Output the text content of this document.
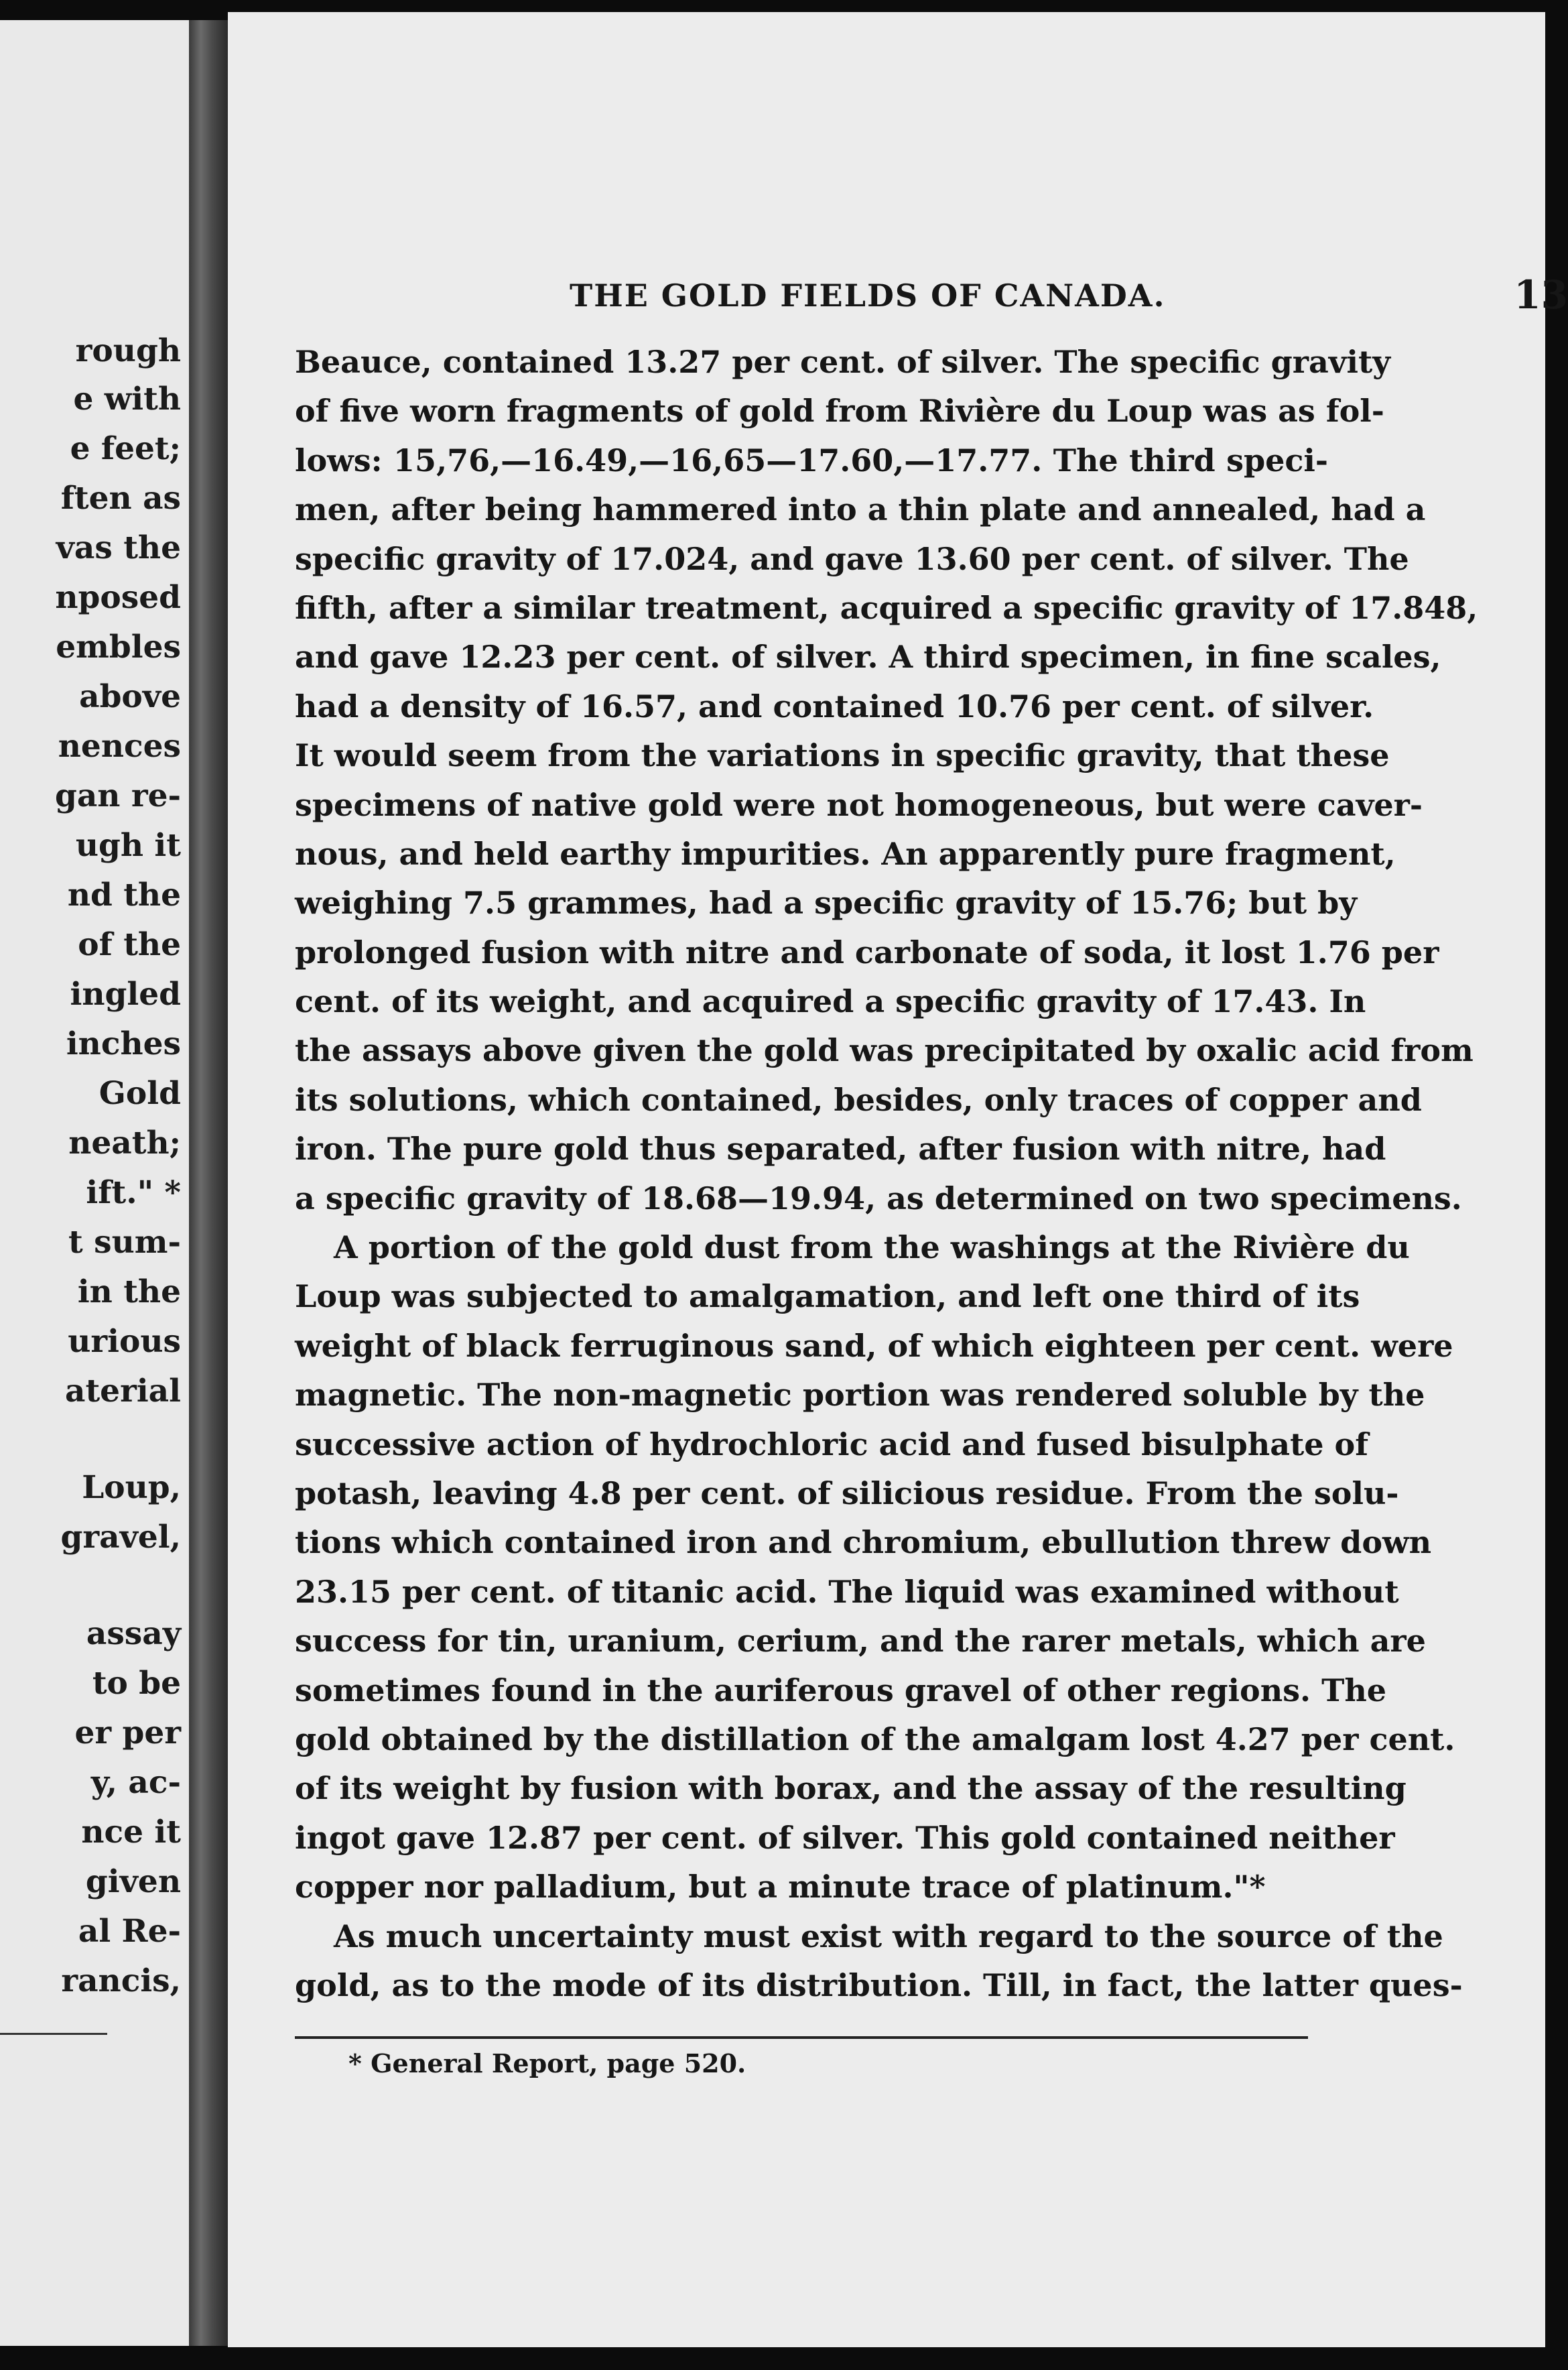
rough
e with
e feet;
ften as
vas the
nposed
embles
above
nences
gan re-
ugh it
nd the
of the
ingled
inches
Gold
neath;
ift." *
t sum-
in the
urious
aterial
Loup,
gravel,
assay
to be
er per
y, ac-
nce it
given
al Re-
rancis,
THE GOLD FIELDS OF CANADA.	13
Beauce, contained 13.27 per cent. of silver. The specific gravity
of five worn fragments of gold from Rivière du Loup was as fol-
lows: 15,76,—16.49,—16,65—17.60,—17.77. The third speci-
men, after being hammered into a thin plate and annealed, had a
specific gravity of 17.024, and gave 13.60 per cent. of silver. The
fifth, after a similar treatment, acquired a specific gravity of 17.848,
and gave 12.23 per cent. of silver. A third specimen, in fine scales,
had a density of 16.57, and contained 10.76 per cent. of silver.
It would seem from the variations in specific gravity, that these
specimens of native gold were not homogeneous, but were caver-
nous, and held earthy impurities. An apparently pure fragment,
weighing 7.5 grammes, had a specific gravity of 15.76; but by
prolonged fusion with nitre and carbonate of soda, it lost 1.76 per
cent. of its weight, and acquired a specific gravity of 17.43. In
the assays above given the gold was precipitated by oxalic acid from
its solutions, which contained, besides, only traces of copper and
iron. The pure gold thus separated, after fusion with nitre, had
a specific gravity of 18.68—19.94, as determined on two specimens.
A portion of the gold dust from the washings at the Rivière du
Loup was subjected to amalgamation, and left one third of its
weight of black ferruginous sand, of which eighteen per cent. were
magnetic. The non-magnetic portion was rendered soluble by the
successive action of hydrochloric acid and fused bisulphate of
potash, leaving 4.8 per cent. of silicious residue. From the solu-
tions which contained iron and chromium, ebullution threw down
23.15 per cent. of titanic acid. The liquid was examined without
success for tin, uranium, cerium, and the rarer metals, which are
sometimes found in the auriferous gravel of other regions. The
gold obtained by the distillation of the amalgam lost 4.27 per cent.
of its weight by fusion with borax, and the assay of the resulting
ingot gave 12.87 per cent. of silver. This gold contained neither
copper nor palladium, but a minute trace of platinum."*
As much uncertainty must exist with regard to the source of the
gold, as to the mode of its distribution. Till, in fact, the latter ques-
* General Report, page 520.
